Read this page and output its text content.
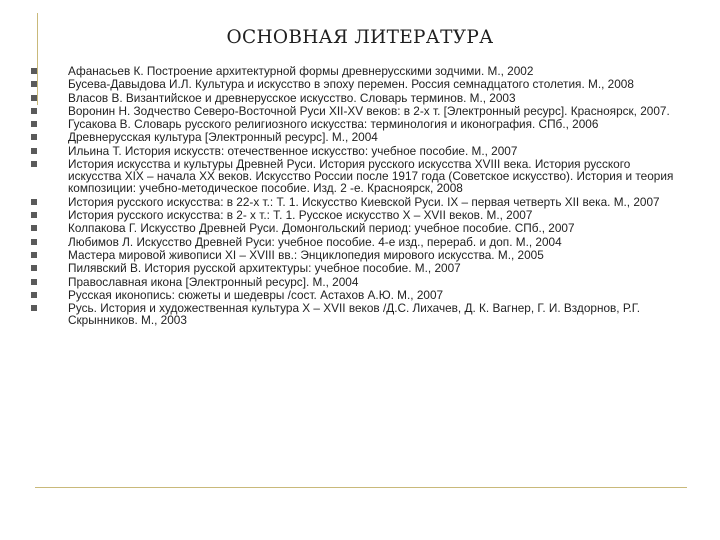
ОСНОВНАЯ ЛИТЕРАТУРА
Афанасьев К. Построение архитектурной формы древнерусскими зодчими. М., 2002
Бусева-Давыдова И.Л. Культура и искусство в эпоху перемен. Россия семнадцатого столетия. М., 2008
Власов В. Византийское и древнерусское искусство. Словарь терминов. М., 2003
Воронин Н. Зодчество Северо-Восточной Руси XII-XV веков: в 2-х т. [Электронный ресурс]. Красноярск, 2007.
Гусакова В. Словарь русского религиозного искусства: терминология и иконография. СПб., 2006
Древнерусская культура [Электронный ресурс]. М., 2004
Ильина Т. История искусств: отечественное искусство: учебное пособие. М., 2007
История искусства и культуры Древней Руси. История русского искусства XVIII века. История русского искусства XIX – начала XX веков. Искусство России после 1917 года (Советское искусство). История и теория композиции: учебно-методическое пособие. Изд. 2 -е. Красноярск, 2008
История русского искусства: в 22-х т.: Т. 1. Искусство Киевской Руси. IX – первая четверть XII века. М., 2007
История русского искусства: в 2- х т.: Т. 1. Русское искусство X – XVII веков. М., 2007
Колпакова Г. Искусство Древней Руси. Домонгольский период: учебное пособие. СПб., 2007
Любимов Л. Искусство Древней Руси: учебное пособие. 4-е изд., перераб. и доп. М., 2004
Мастера мировой живописи XI – XVIII вв.: Энциклопедия мирового искусства. М., 2005
Пилявский В. История русской архитектуры: учебное пособие. М., 2007
Православная икона [Электронный ресурс]. М., 2004
Русская иконопись: сюжеты и шедевры /сост. Астахов А.Ю. М., 2007
Русь. История и художественная культура X – XVII веков /Д.С. Лихачев, Д. К. Вагнер, Г. И. Вздорнов, Р.Г. Скрынников. М., 2003
